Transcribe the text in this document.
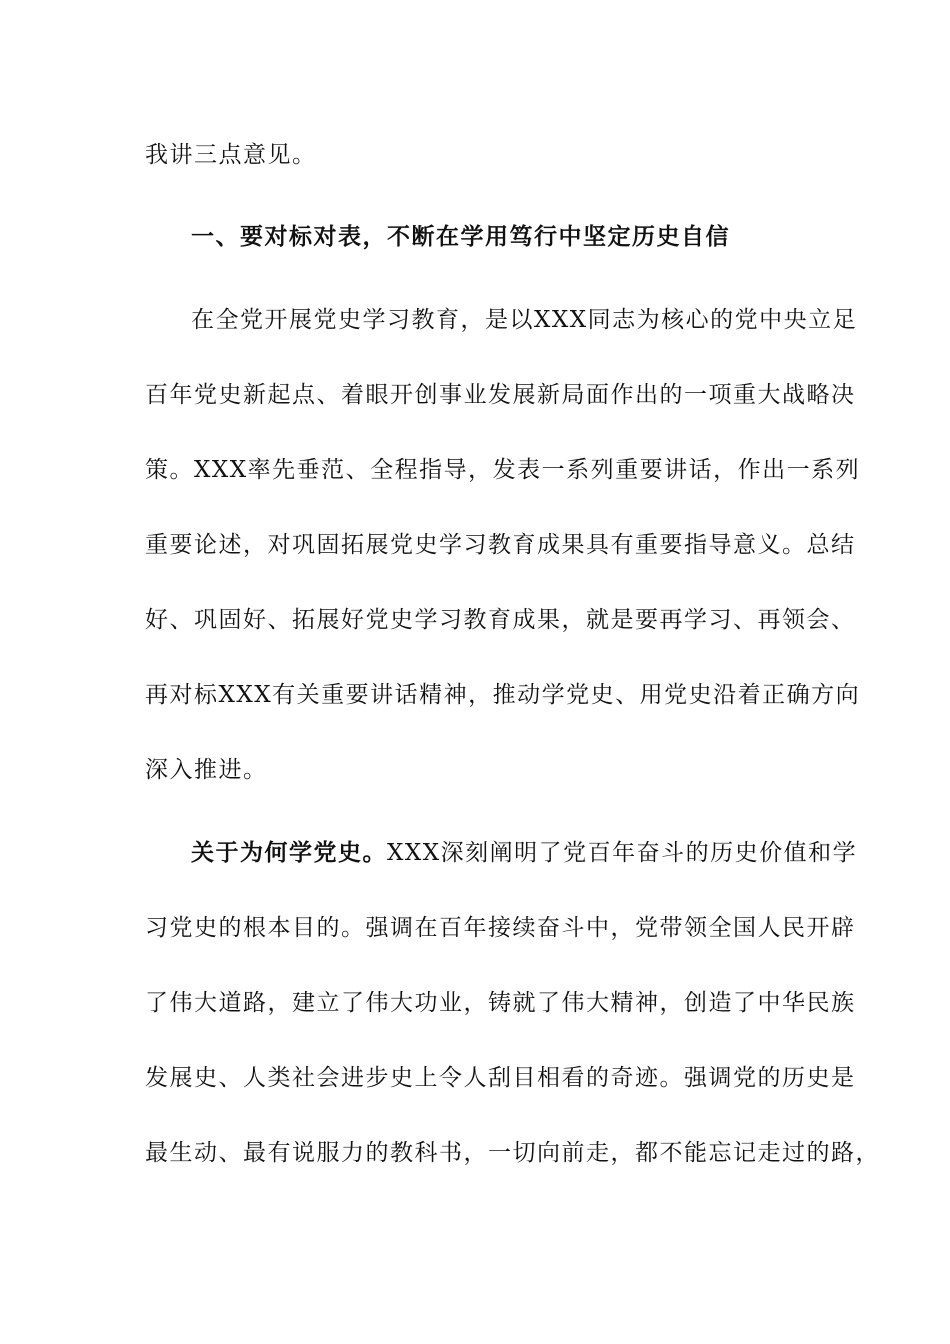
我讲三点意见。
一、要对标对表，不断在学用笃行中坚定历史自信
在全党开展党史学习教育，是以XXX同志为核心的党中央立足
百年党史新起点、着眼开创事业发展新局面作出的一项重大战略决
策。XXX率先垂范、全程指导，发表一系列重要讲话，作出一系列
重要论述，对巩固拓展党史学习教育成果具有重要指导意义。总结
好、巩固好、拓展好党史学习教育成果，就是要再学习、再领会、
再对标XXX有关重要讲话精神，推动学党史、用党史沿着正确方向
深入推进。
关于为何学党史。XXX深刻阐明了党百年奋斗的历史价值和学
习党史的根本目的。强调在百年接续奋斗中，党带领全国人民开辟
了伟大道路，建立了伟大功业，铸就了伟大精神，创造了中华民族
发展史、人类社会进步史上令人刮目相看的奇迹。强调党的历史是
最生动、最有说服力的教科书，一切向前走，都不能忘记走过的路，
